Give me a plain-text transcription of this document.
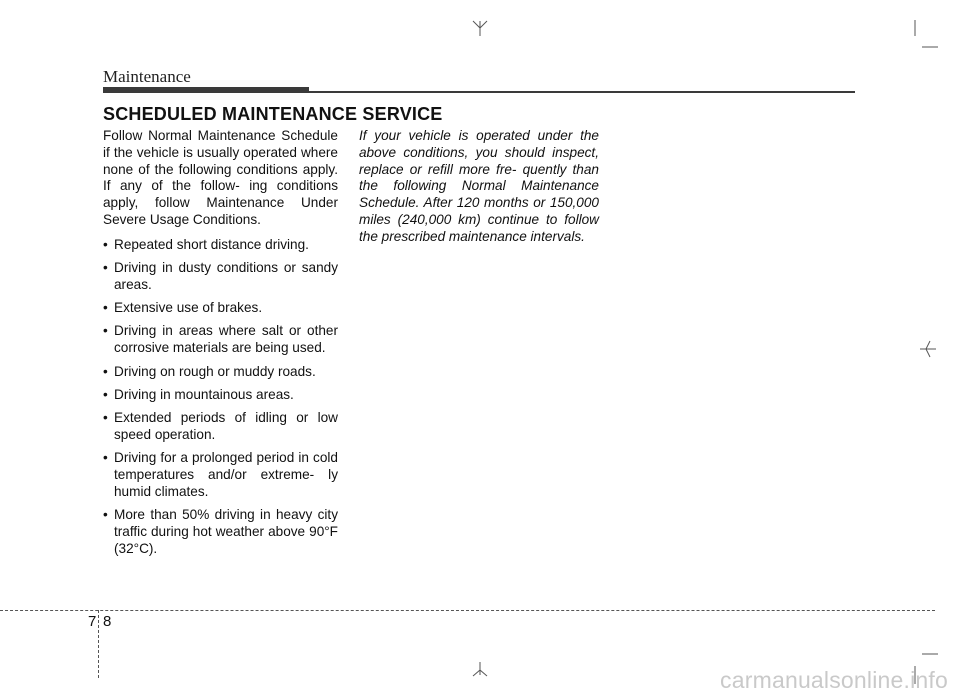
Maintenance
SCHEDULED MAINTENANCE SERVICE

Follow Normal Maintenance Schedule if the vehicle is usually operated where none of the following conditions apply. If any of the follow- ing conditions apply, follow Maintenance Under Severe Usage Conditions.

• Repeated short distance driving.
• Driving in dusty conditions or sandy areas.
• Extensive use of brakes.
• Driving in areas where salt or other corrosive materials are being used.
• Driving on rough or muddy roads.
• Driving in mountainous areas.
• Extended periods of idling or low speed operation.
• Driving for a prolonged period in cold temperatures and/or extreme- ly humid climates.
• More than 50% driving in heavy city traffic during hot weather above 90°F (32°C).
If your vehicle is operated under the above conditions, you should inspect, replace or refill more fre- quently than the following Normal Maintenance Schedule. After 120 months or 150,000 miles (240,000 km) continue to follow the prescribed maintenance intervals.
7 8
carmanualsonline.info
